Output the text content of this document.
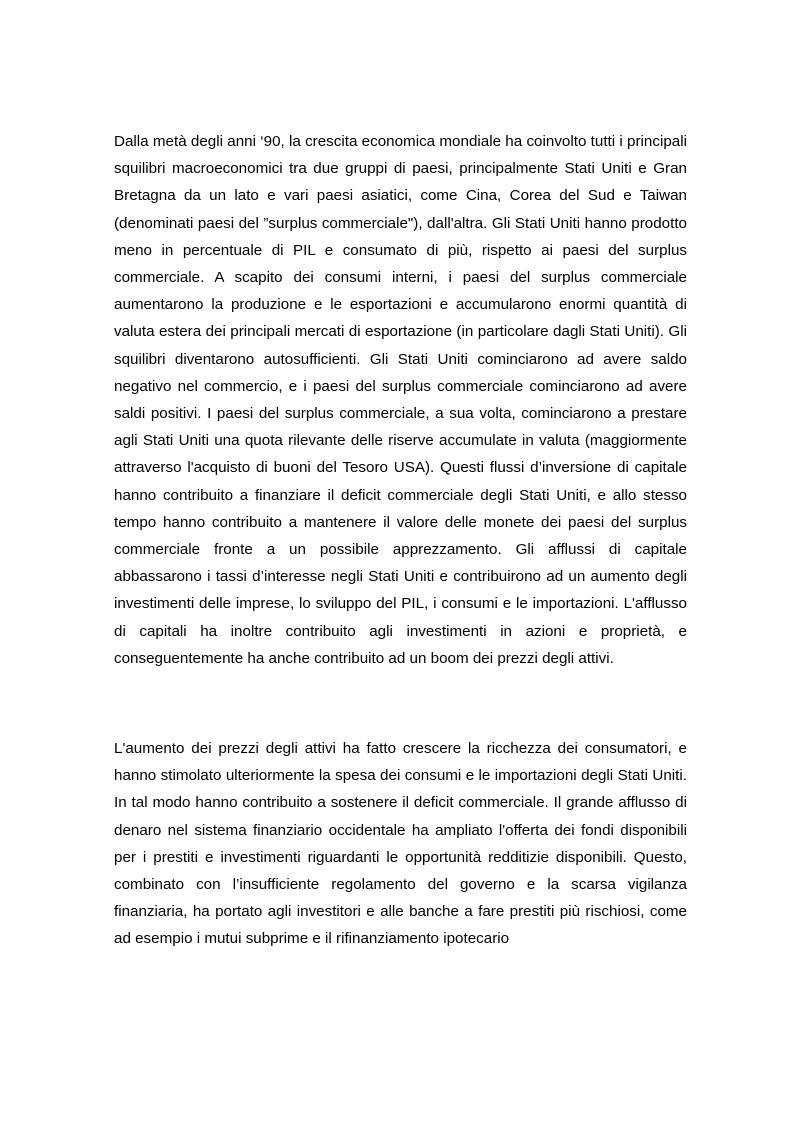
Dalla metà degli anni ‘90, la crescita economica mondiale ha coinvolto tutti i principali squilibri macroeconomici tra due gruppi di paesi, principalmente Stati Uniti e Gran Bretagna da un lato e vari paesi asiatici, come Cina, Corea del Sud e Taiwan (denominati paesi del ”surplus commerciale"), dall'altra. Gli Stati Uniti hanno prodotto meno in percentuale di PIL e consumato di più, rispetto ai paesi del surplus commerciale. A scapito dei consumi interni, i paesi del surplus commerciale aumentarono la produzione e le esportazioni e accumularono enormi quantità di valuta estera dei principali mercati di esportazione (in particolare dagli Stati Uniti). Gli squilibri diventarono autosufficienti. Gli Stati Uniti cominciarono ad avere saldo negativo nel commercio, e i paesi del surplus commerciale cominciarono ad avere saldi positivi. I paesi del surplus commerciale, a sua volta, cominciarono a prestare agli Stati Uniti una quota rilevante delle riserve accumulate in valuta (maggiormente attraverso l'acquisto di buoni del Tesoro USA). Questi flussi d’inversione di capitale hanno contribuito a finanziare il deficit commerciale degli Stati Uniti, e allo stesso tempo hanno contribuito a mantenere il valore delle monete dei paesi del surplus commerciale fronte a un possibile apprezzamento. Gli afflussi di capitale abbassarono i tassi d’interesse negli Stati Uniti e contribuirono ad un aumento degli investimenti delle imprese, lo sviluppo del PIL, i consumi e le importazioni. L'afflusso di capitali ha inoltre contribuito agli investimenti in azioni e proprietà, e conseguentemente ha anche contribuito ad un boom dei prezzi degli attivi.

L'aumento dei prezzi degli attivi ha fatto crescere la ricchezza dei consumatori, e hanno stimolato ulteriormente la spesa dei consumi e le importazioni degli Stati Uniti. In tal modo hanno contribuito a sostenere il deficit commerciale. Il grande afflusso di denaro nel sistema finanziario occidentale ha ampliato l'offerta dei fondi disponibili per i prestiti e investimenti riguardanti le opportunità redditizie disponibili. Questo, combinato con l’insufficiente regolamento del governo e la scarsa vigilanza finanziaria, ha portato agli investitori e alle banche a fare prestiti più rischiosi, come ad esempio i mutui subprime e il rifinanziamento ipotecario
